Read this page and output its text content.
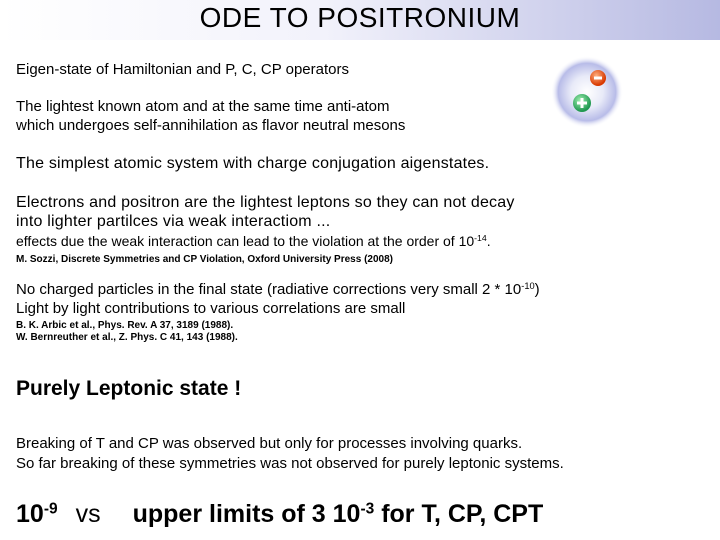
ODE TO POSITRONIUM
Eigen-state of Hamiltonian and P, C, CP operators
The lightest known atom and at the same time anti-atom
which undergoes self-annihilation as flavor neutral mesons
The simplest atomic system with charge conjugation aigenstates.
Electrons and positron are the lightest leptons so they can not decay
into lighter partilces via weak interactiom ...
effects due the weak interaction can lead to the violation at the order of $10^{-14}$.
M. Sozzi, Discrete Symmetries and CP Violation, Oxford University Press (2008)
No charged particles in the final state (radiative corrections very small $2 * 10^{-10}$)
Light by light contributions to various correlations are small
B. K. Arbic et al., Phys. Rev. A 37, 3189 (1988).
W. Bernreuther et al., Z. Phys. C 41, 143 (1988).
Purely Leptonic state !
Breaking of T and CP was observed but only for processes involving quarks.
So far breaking of these symmetries was not observed for purely leptonic systems.
$10^{-9}$ vs upper limits of 3 $10^{-3}$ for T, CP, CPT
